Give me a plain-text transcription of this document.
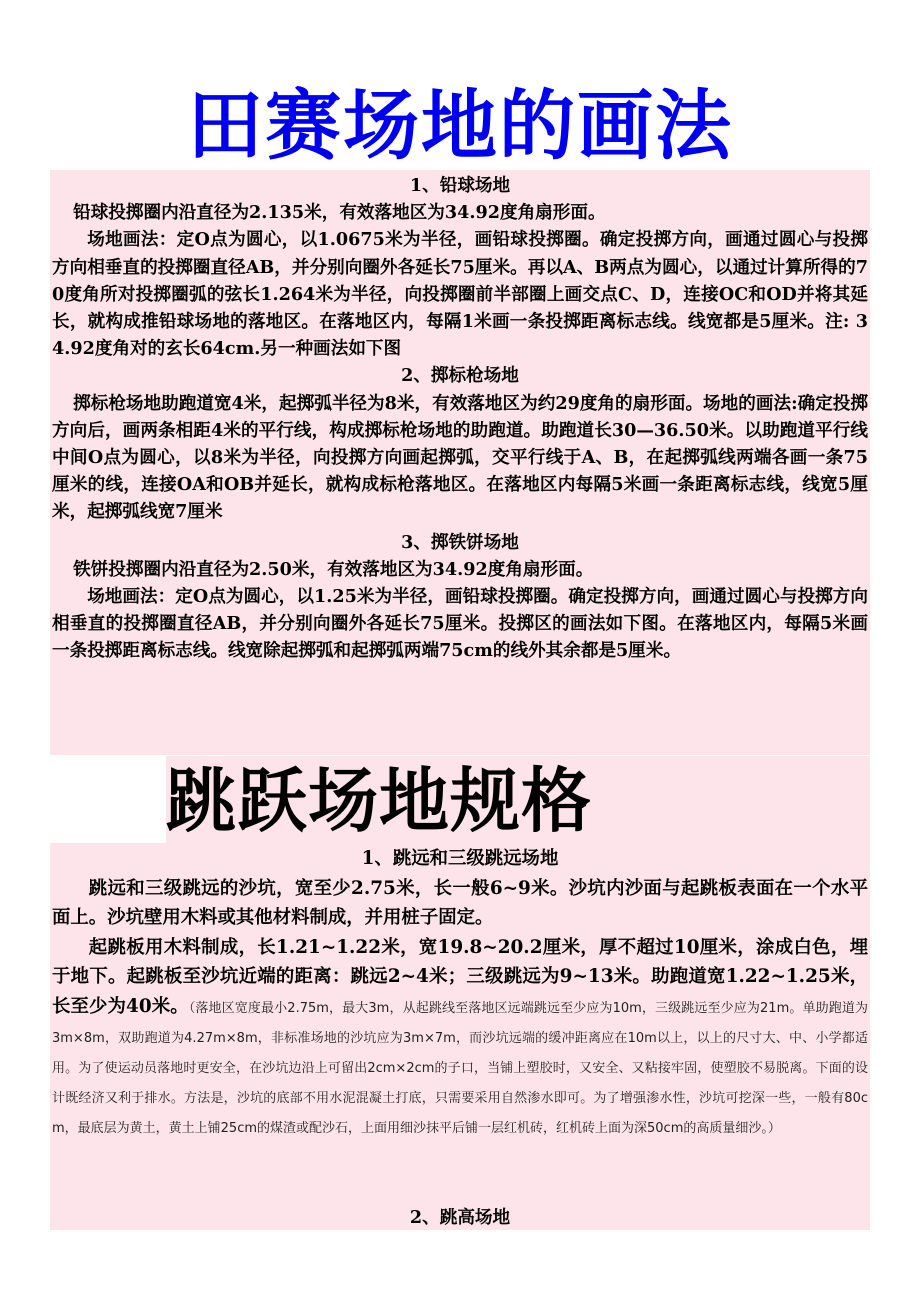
田赛场地的画法

1、铅球场地

铅球投掷圈内沿直径为2.135米，有效落地区为34.92度角扇形面。

场地画法：定O点为圆心，以1.0675米为半径，画铅球投掷圈。确定投掷方向，画通过圆心与投掷方向相垂直的投掷圈直径AB，并分别向圈外各延长75厘米。再以A、B两点为圆心，以通过计算所得的70度角所对投掷圈弧的弦长1.264米为半径，向投掷圈前半部圈上画交点C、D，连接OC和OD并将其延长，就构成推铅球场地的落地区。在落地区内，每隔1米画一条投掷距离标志线。线宽都是5厘米。注: 34.92度角对的玄长64cm.另一种画法如下图

2、掷标枪场地

掷标枪场地助跑道宽4米，起掷弧半径为8米，有效落地区为约29度角的扇形面。场地的画法:确定投掷方向后，画两条相距4米的平行线，构成掷标枪场地的助跑道。助跑道长30—36.50米。以助跑道平行线中间O点为圆心，以8米为半径，向投掷方向画起掷弧，交平行线于A、B，在起掷弧线两端各画一条75厘米的线，连接OA和OB并延长，就构成标枪落地区。在落地区内每隔5米画一条距离标志线，线宽5厘米，起掷弧线宽7厘米

3、掷铁饼场地

铁饼投掷圈内沿直径为2.50米，有效落地区为34.92度角扇形面。

场地画法：定O点为圆心，以1.25米为半径，画铅球投掷圈。确定投掷方向，画通过圆心与投掷方向相垂直的投掷圈直径AB，并分别向圈外各延长75厘米。投掷区的画法如下图。在落地区内，每隔5米画一条投掷距离标志线。线宽除起掷弧和起掷弧两端75cm的线外其余都是5厘米。

跳跃场地规格

1、跳远和三级跳远场地

跳远和三级跳远的沙坑，宽至少2.75米，长一般6~9米。沙坑内沙面与起跳板表面在一个水平面上。沙坑壁用木料或其他材料制成，并用桩子固定。

起跳板用木料制成，长1.21~1.22米，宽19.8~20.2厘米，厚不超过10厘米，涂成白色，埋于地下。起跳板至沙坑近端的距离：跳远2~4米；三级跳远为9~13米。助跑道宽1.22~1.25米，长至少为40米。（落地区宽度最小2.75m，最大3m，从起跳线至落地区远端跳远至少应为10m，三级跳远至少应为21m。单助跑道为3m×8m，双助跑道为4.27m×8m，非标准场地的沙坑应为3m×7m，而沙坑远端的缓冲距离应在10m以上，以上的尺寸大、中、小学都适用。为了使运动员落地时更安全，在沙坑边沿上可留出2cm×2cm的子口，当铺上塑胶时，又安全、又粘接牢固，使塑胶不易脱离。下面的设计既经济又利于排水。方法是，沙坑的底部不用水泥混凝土打底，只需要采用自然渗水即可。为了增强渗水性，沙坑可挖深一些，一般有80cm，最底层为黄土，黄土上铺25cm的煤渣或配沙石，上面用细沙抹平后铺一层红机砖，红机砖上面为深50cm的高质量细沙。）

2、跳高场地
